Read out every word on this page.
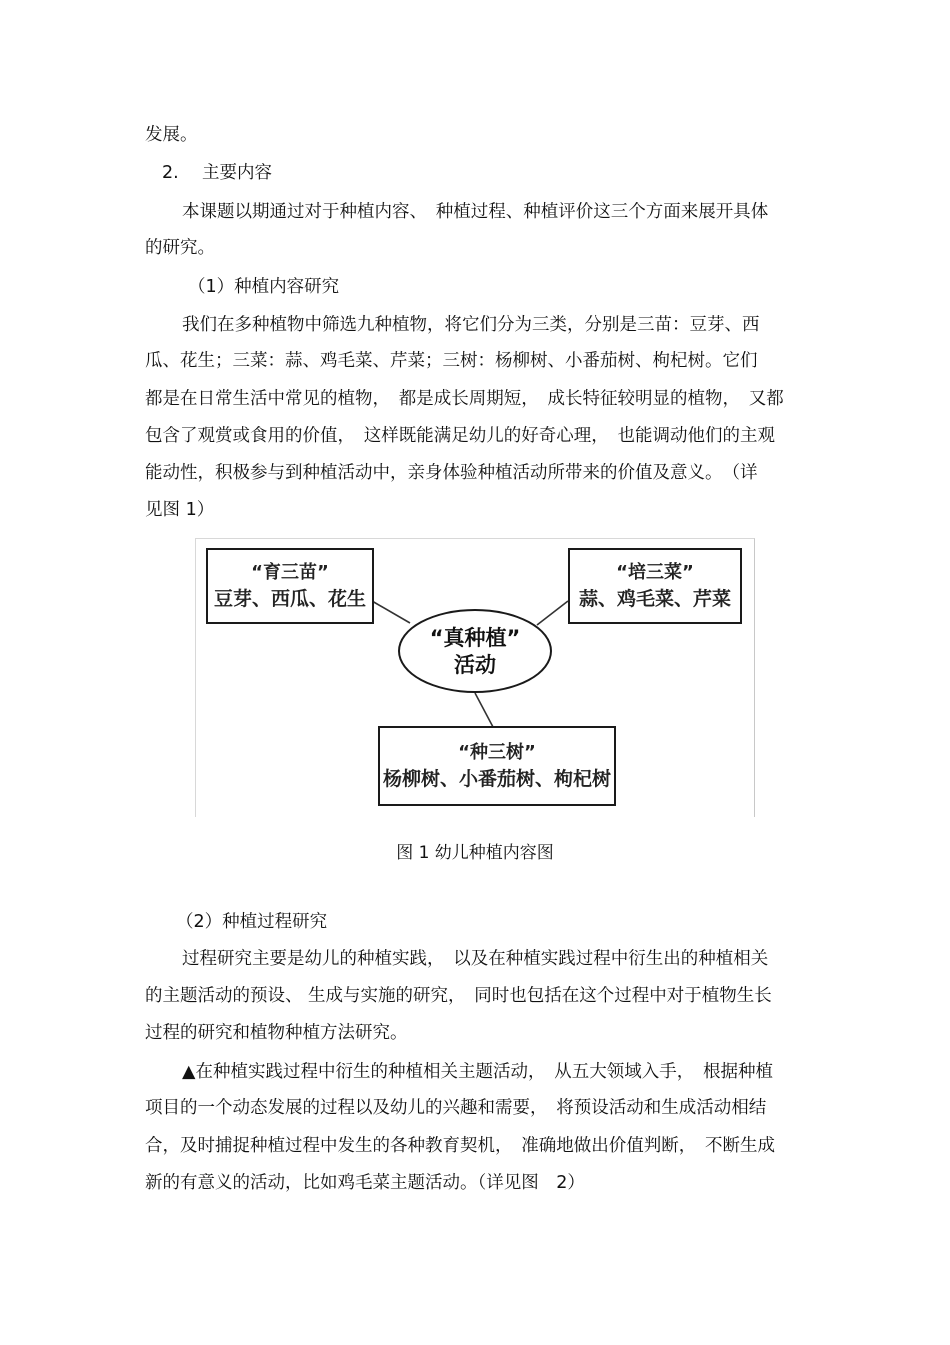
发展。
2. 主要内容
本课题以期通过对于种植内容、　种植过程、种植评价这三个方面来展开具体
的研究。
（1）种植内容研究
我们在多种植物中筛选九种植物，将它们分为三类，分别是三苗：豆芽、西
瓜、花生；三菜：蒜、鸡毛菜、芹菜；三树：杨柳树、小番茄树、枸杞树。它们
都是在日常生活中常见的植物，　都是成长周期短，　成长特征较明显的植物，　又都
包含了观赏或食用的价值，　这样既能满足幼儿的好奇心理，　也能调动他们的主观
能动性，积极参与到种植活动中，亲身体验种植活动所带来的价值及意义。　（详
见图 1）
“育三苗”
豆芽、西瓜、花生
“培三菜”
蒜、鸡毛菜、芹菜
“真种植”
活动
“种三树”
杨柳树、小番茄树、枸杞树
图 1 幼儿种植内容图
（2）种植过程研究
过程研究主要是幼儿的种植实践，　以及在种植实践过程中衍生出的种植相关
的主题活动的预设、 生成与实施的研究，　同时也包括在这个过程中对于植物生长
过程的研究和植物种植方法研究。
▲在种植实践过程中衍生的种植相关主题活动，　从五大领域入手，　根据种植
项目的一个动态发展的过程以及幼儿的兴趣和需要，　将预设活动和生成活动相结
合，及时捕捉种植过程中发生的各种教育契机，　准确地做出价值判断，　不断生成
新的有意义的活动，比如鸡毛菜主题活动。（详见图　2）
